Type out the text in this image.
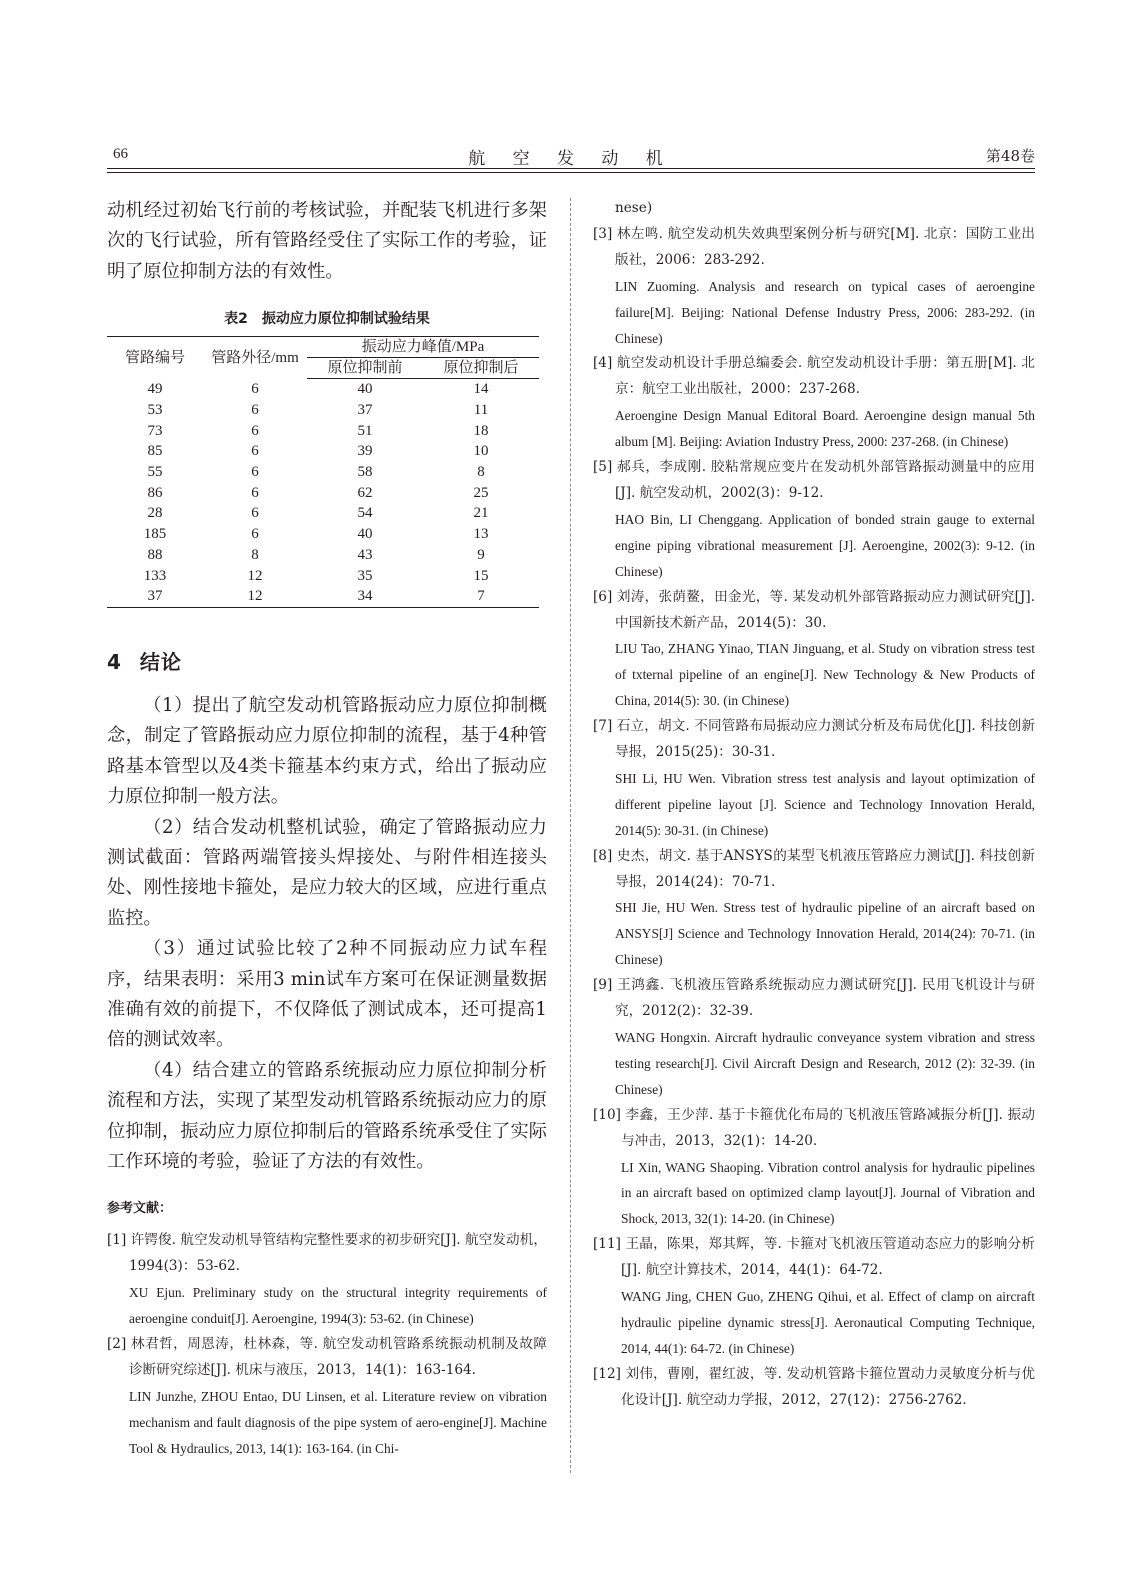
66	航 空 发 动 机	第48卷

动机经过初始飞行前的考核试验，并配装飞机进行多架次的飞行试验，所有管路经受住了实际工作的考验，证明了原位抑制方法的有效性。

表2　振动应力原位抑制试验结果
管路编号	管路外径/mm	振动应力峰值/MPa	
		原位抑制前	原位抑制后
49	6	40	14
53	6	37	11
73	6	51	18
85	6	39	10
55	6	58	8
86	6	62	25
28	6	54	21
185	6	40	13
88	8	43	9
133	12	35	15
37	12	34	7
4 结论

（1）提出了航空发动机管路振动应力原位抑制概念，制定了管路振动应力原位抑制的流程，基于4种管路基本管型以及4类卡箍基本约束方式，给出了振动应力原位抑制一般方法。

（2）结合发动机整机试验，确定了管路振动应力测试截面：管路两端管接头焊接处、与附件相连接头处、刚性接地卡箍处，是应力较大的区域，应进行重点监控。

（3）通过试验比较了2种不同振动应力试车程序，结果表明：采用3 min试车方案可在保证测量数据准确有效的前提下，不仅降低了测试成本，还可提高1倍的测试效率。

（4）结合建立的管路系统振动应力原位抑制分析流程和方法，实现了某型发动机管路系统振动应力的原位抑制，振动应力原位抑制后的管路系统承受住了实际工作环境的考验，验证了方法的有效性。

参考文献：
[1] 许锷俊. 航空发动机导管结构完整性要求的初步研究[J]. 航空发动机，1994(3)：53-62.
XU Ejun. Preliminary study on the structural integrity requirements of aeroengine conduit[J]. Aeroengine, 1994(3): 53-62. (in Chinese)
[2] 林君哲，周恩涛，杜林森，等. 航空发动机管路系统振动机制及故障诊断研究综述[J]. 机床与液压，2013，14(1)：163-164.
LIN Junzhe, ZHOU Entao, DU Linsen, et al. Literature review on vibration mechanism and fault diagnosis of the pipe system of aero-engine[J]. Machine Tool & Hydraulics, 2013, 14(1): 163-164. (in Chi-
nese)
[3] 林左鸣. 航空发动机失效典型案例分析与研究[M]. 北京：国防工业出版社，2006：283-292.
LIN Zuoming. Analysis and research on typical cases of aeroengine failure[M]. Beijing: National Defense Industry Press, 2006: 283-292. (in Chinese)
[4] 航空发动机设计手册总编委会. 航空发动机设计手册：第五册[M]. 北京：航空工业出版社，2000：237-268.
Aeroengine Design Manual Editoral Board. Aeroengine design manual 5th album [M]. Beijing: Aviation Industry Press, 2000: 237-268. (in Chinese)
[5] 郝兵，李成刚. 胶粘常规应变片在发动机外部管路振动测量中的应用[J]. 航空发动机，2002(3)：9-12.
HAO Bin, LI Chenggang. Application of bonded strain gauge to external engine piping vibrational measurement [J]. Aeroengine, 2002(3): 9-12. (in Chinese)
[6] 刘涛，张荫鳌，田金光，等. 某发动机外部管路振动应力测试研究[J]. 中国新技术新产品，2014(5)：30.
LIU Tao, ZHANG Yinao, TIAN Jinguang, et al. Study on vibration stress test of txternal pipeline of an engine[J]. New Technology & New Products of China, 2014(5): 30. (in Chinese)
[7] 石立，胡文. 不同管路布局振动应力测试分析及布局优化[J]. 科技创新导报，2015(25)：30-31.
SHI Li, HU Wen. Vibration stress test analysis and layout optimization of different pipeline layout [J]. Science and Technology Innovation Herald, 2014(5): 30-31. (in Chinese)
[8] 史杰，胡文. 基于ANSYS的某型飞机液压管路应力测试[J]. 科技创新导报，2014(24)：70-71.
SHI Jie, HU Wen. Stress test of hydraulic pipeline of an aircraft based on ANSYS[J] Science and Technology Innovation Herald, 2014(24): 70-71. (in Chinese)
[9] 王鸿鑫. 飞机液压管路系统振动应力测试研究[J]. 民用飞机设计与研究，2012(2)：32-39.
WANG Hongxin. Aircraft hydraulic conveyance system vibration and stress testing research[J]. Civil Aircraft Design and Research, 2012 (2): 32-39. (in Chinese)
[10] 李鑫，王少萍. 基于卡箍优化布局的飞机液压管路减振分析[J]. 振动与冲击，2013，32(1)：14-20.
LI Xin, WANG Shaoping. Vibration control analysis for hydraulic pipelines in an aircraft based on optimized clamp layout[J]. Journal of Vibration and Shock, 2013, 32(1): 14-20. (in Chinese)
[11] 王晶，陈果，郑其辉，等. 卡箍对飞机液压管道动态应力的影响分析[J]. 航空计算技术，2014，44(1)：64-72.
WANG Jing, CHEN Guo, ZHENG Qihui, et al. Effect of clamp on aircraft hydraulic pipeline dynamic stress[J]. Aeronautical Computing Technique, 2014, 44(1): 64-72. (in Chinese)
[12] 刘伟，曹刚，翟红波，等. 发动机管路卡箍位置动力灵敏度分析与优化设计[J]. 航空动力学报，2012，27(12)：2756-2762.
